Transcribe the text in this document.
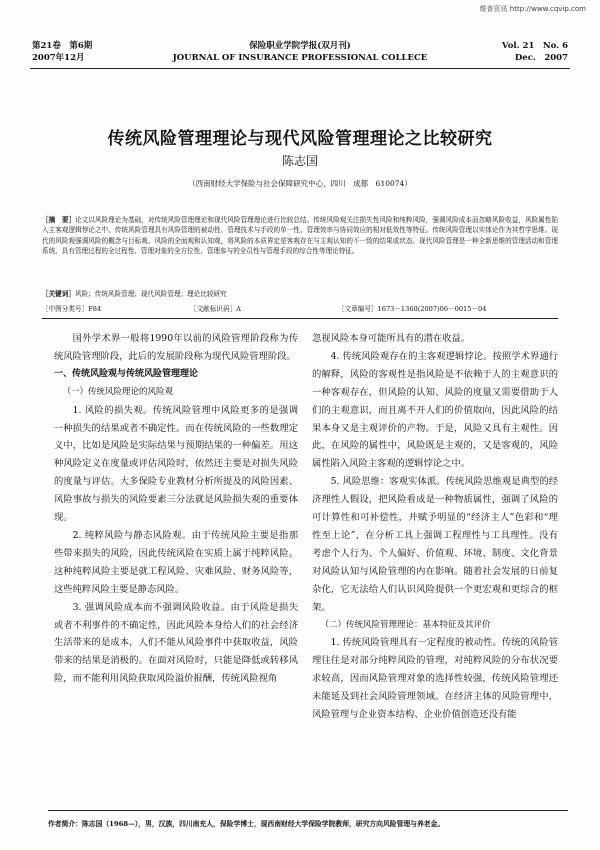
维普资讯 http://www.cqvip.com
第21卷　第6期
2007年12月
保险职业学院学报(双月刊)
JOURNAL OF INSURANCE PROFESSIONAL COLLECE
Vol. 21　No. 6
Dec.　2007
传统风险管理理论与现代风险管理理论之比较研究
陈志国
（西南财经大学保险与社会保障研究中心，四川　成都　610074）
［摘　要］论文以风险理论为基础，对传统风险管理理论和现代风险管理理论进行比较总结。传统风险观关注损失性风险和纯粹风险，强调风险成本而忽略风险收益，风险属性陷入主客观逻辑悖论之中。传统风险管理具有风险管理的被动性、管理技术与手段的单一性、管理效率与协同效应的相对低效性等特征。传统风险管理以实体论作为其哲学思维。现代的风险观强调风险的概念与目标观、风险的全面观和认知观，将风险的本质界定是客观存在与主观认知的不一致的结果或状态。现代风险管理是一种全新思维的管理活动和管理系统，具有管理过程的全过程性、管理对象的全方位性、管理参与的全员性与管理手段的综合性等理论特征。
［关键词］风险；传统风险管理；现代风险管理；理论比较研究
［中图分类号］F84	［文献标识码］A	［文章编号］1673－1360(2007)06－0015－04

国外学术界一般将1990年以前的风险管理阶段称为传统风险管理阶段，此后的发展阶段称为现代风险管理阶段。

一、传统风险观与传统风险管理理论

（一）传统风险理论的风险观

1. 风险的损失观。传统风险管理中风险更多的是强调一种损失的结果或者不确定性。而在传统风险的一些数理定义中，比如是风险是实际结果与预期结果的一种偏差。用这种风险定义在度量或评估风险时，依然还主要是对损失风险的度量与评估。大多保险专业教材分析所提及的风险因素、风险事故与损失的风险要素三分法就是风险损失观的重要体现。

2. 纯粹风险与静态风险观。由于传统风险主要是指那些带来损失的风险，因此传统风险在实质上属于纯粹风险。这种纯粹风险主要是就工程风险、灾难风险、财务风险等，这些纯粹风险主要是静态风险。

3. 强调风险成本而不强调风险收益。由于风险是损失或者不利事件的不确定性，因此风险本身给人们的社会经济生活带来的是成本，人们不能从风险事件中获取收益，风险带来的结果是消极的。在面对风险时，只能是降低或转移风险，而不能利用风险获取风险溢价报酬，传统风险视角

忽视风险本身可能所具有的潜在收益。

4. 传统风险观存在的主客观逻辑悖论。按照学术界通行的解释，风险的客观性是指风险是不依赖于人的主观意识的一种客观存在，但风险的认知、风险的度量又需要借助于人们的主观意识，而且离不开人们的价值取向，因此风险的结果本身又是主观评价的产物。于是，风险又具有主观性。因此，在风险的属性中，风险既是主观的，又是客观的，风险属性陷入风险主客观的逻辑悖论之中。

5. 风险思维：客观实体派。传统风险思维观是典型的经济理性人假设，把风险看成是一种物质属性，强调了风险的可计算性和可补偿性，并赋予明显的“经济主人”色彩和“理性至上论”，在分析工具上强调工程理性与工具理性。没有考虑个人行为、个人偏好、价值观、环境、制度、文化背景对风险认知与风险管理的内在影响。随着社会发展的日前复杂化，它无法给人们认识风险提供一个更宏观和更综合的框架。

（二）传统风险管理理论：基本特征及其评价

1. 传统风险管理具有一定程度的被动性。传统的风险管理往往是对部分纯粹风险的管理，对纯粹风险的分布状况要求较高，因而风险管理对象的选择性较强，传统风险管理还未能延及到社会风险管理领域。在经济主体的风险管理中，风险管理与企业资本结构、企业价值创造还没有能

作者简介：陈志国（1968—），男，汉族，四川南充人，保险学博士，现西南财经大学保险学院教师，研究方向风险管理与养老金。
